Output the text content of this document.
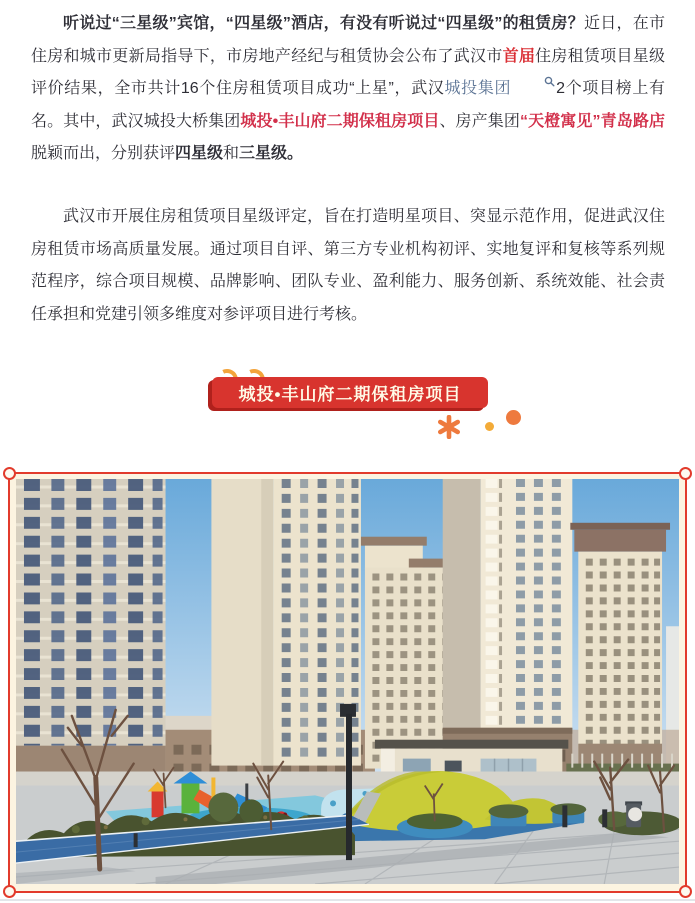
听说过“三星级”宾馆，“四星级”酒店，有没有听说过“四星级”的租赁房？近日，在市住房和城市更新局指导下，市房地产经纪与租赁协会公布了武汉市首届住房租赁项目星级评价结果，全市共计16个住房租赁项目成功“上星”，武汉城投集团	2个项目榜上有名。其中，武汉城投大桥集团城投•丰山府二期保租房项目、房产集团“天橙寓见”青岛路店脱颖而出，分别获评四星级和三星级。

武汉市开展住房租赁项目星级评定，旨在打造明星项目、突显示范作用，促进武汉住房租赁市场高质量发展。通过项目自评、第三方专业机构初评、实地复评和复核等系列规范程序，综合项目规模、品牌影响、团队专业、盈利能力、服务创新、系统效能、社会责任承担和党建引领多维度对参评项目进行考核。

城投•丰山府二期保租房项目
